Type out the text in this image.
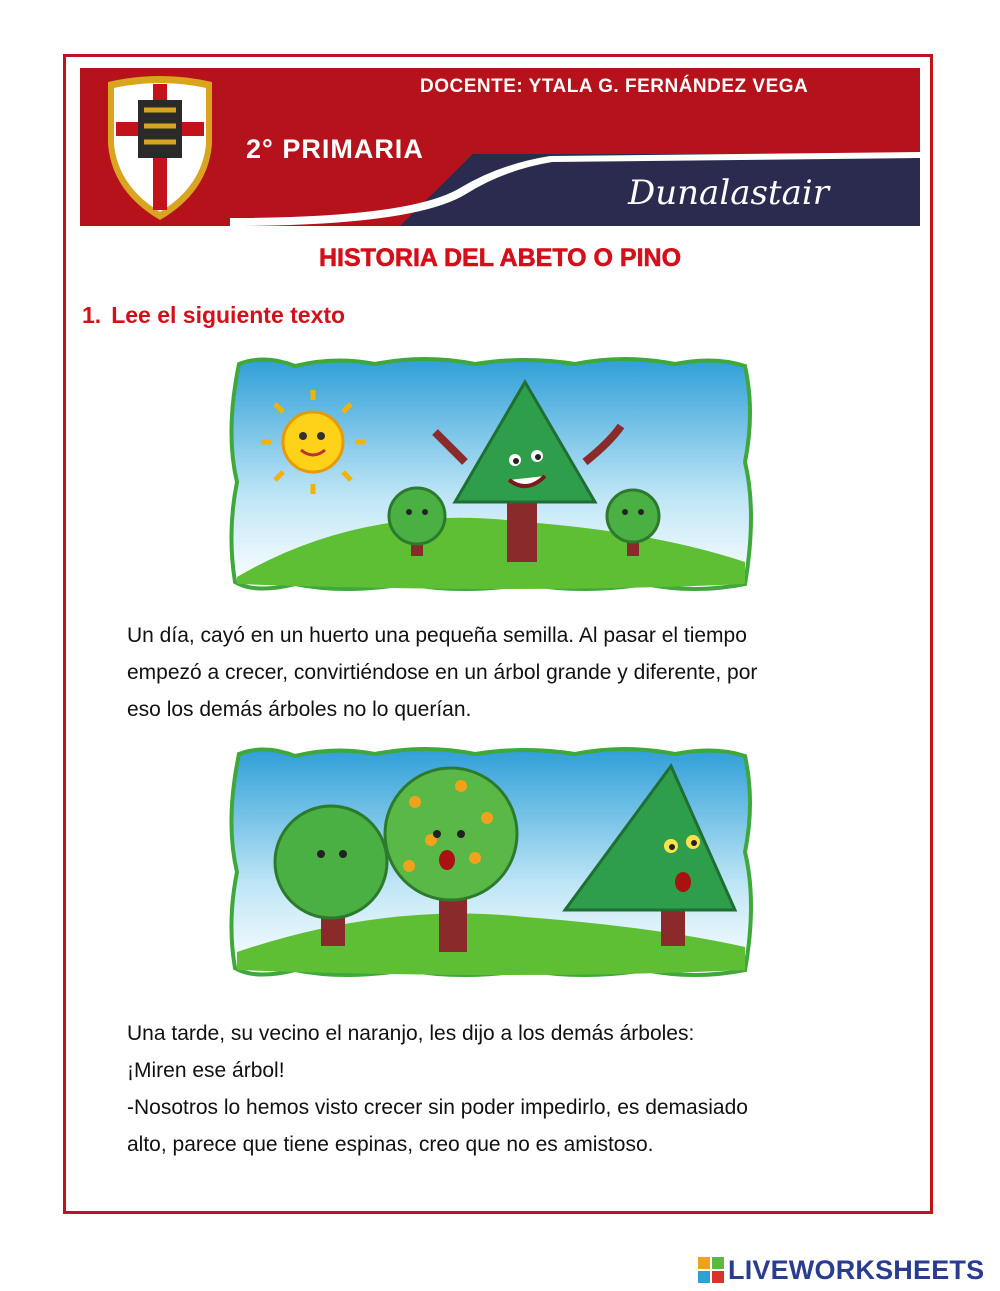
DOCENTE: YTALA G. FERNÁNDEZ VEGA
2° PRIMARIA
Dunalastair
HISTORIA DEL ABETO O PINO
1. Lee el siguiente texto
Un día, cayó en un huerto una pequeña semilla. Al pasar el tiempo
empezó a crecer, convirtiéndose en un árbol grande y diferente, por
eso los demás árboles no lo querían.
Una tarde, su vecino el naranjo, les dijo a los demás árboles:
¡Miren ese árbol!
-Nosotros lo hemos visto crecer sin poder impedirlo, es demasiado
alto, parece que tiene espinas, creo que no es amistoso.
LIVEWORKSHEETS
